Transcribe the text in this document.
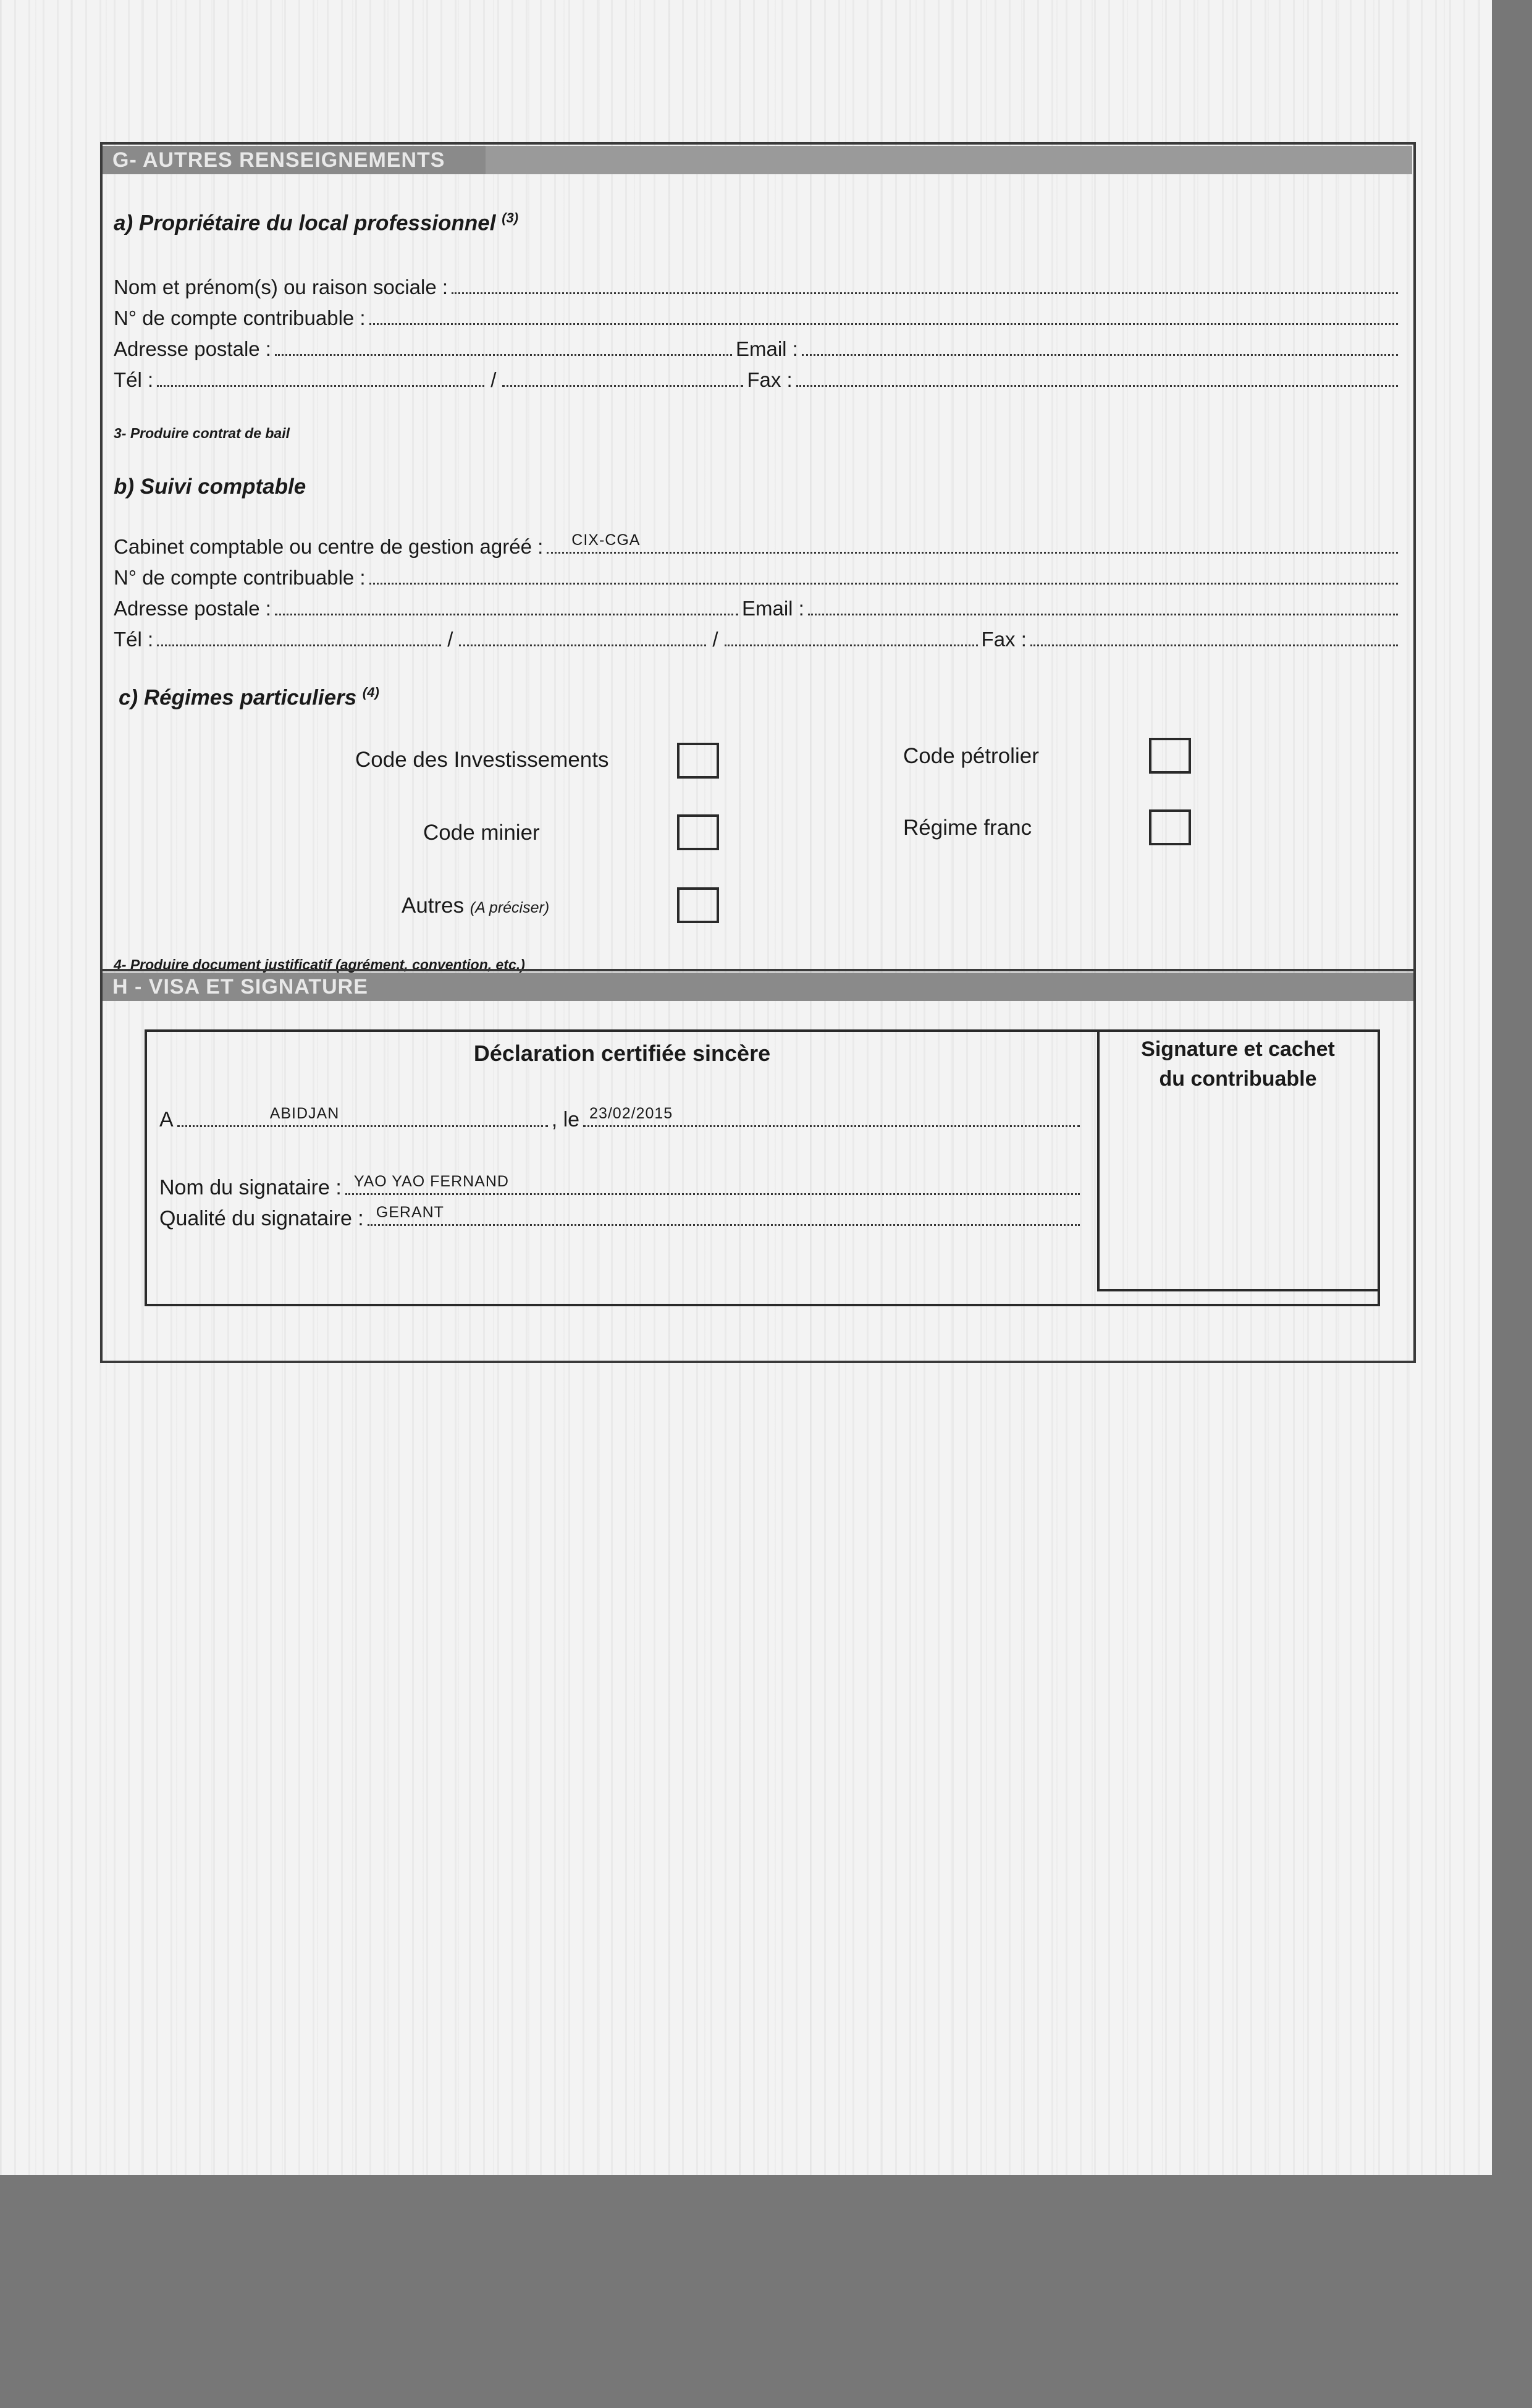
G- AUTRES RENSEIGNEMENTS
a) Propriétaire du local professionnel $^{(3)}$
Nom et prénom(s) ou raison sociale :
N° de compte contribuable :
Adresse postale :	Email :
Tél :	/	Fax :
3- Produire contrat de bail
b) Suivi comptable
Cabinet comptable ou centre de gestion agréé : CIX-CGA
N° de compte contribuable :
Adresse postale :	Email :
Tél :	/	/	Fax :
c) Régimes particuliers $^{(4)}$
Code des Investissements	Code pétrolier
Code minier	Régime franc
Autres (A préciser)
4- Produire document justificatif (agrément, convention, etc.)
H - VISA ET SIGNATURE
Déclaration certifiée sincère	Signature et cachet
du contribuable
A	ABIDJAN	, le 23/02/2015
Nom du signataire : YAO YAO FERNAND
Qualité du signataire : GERANT
